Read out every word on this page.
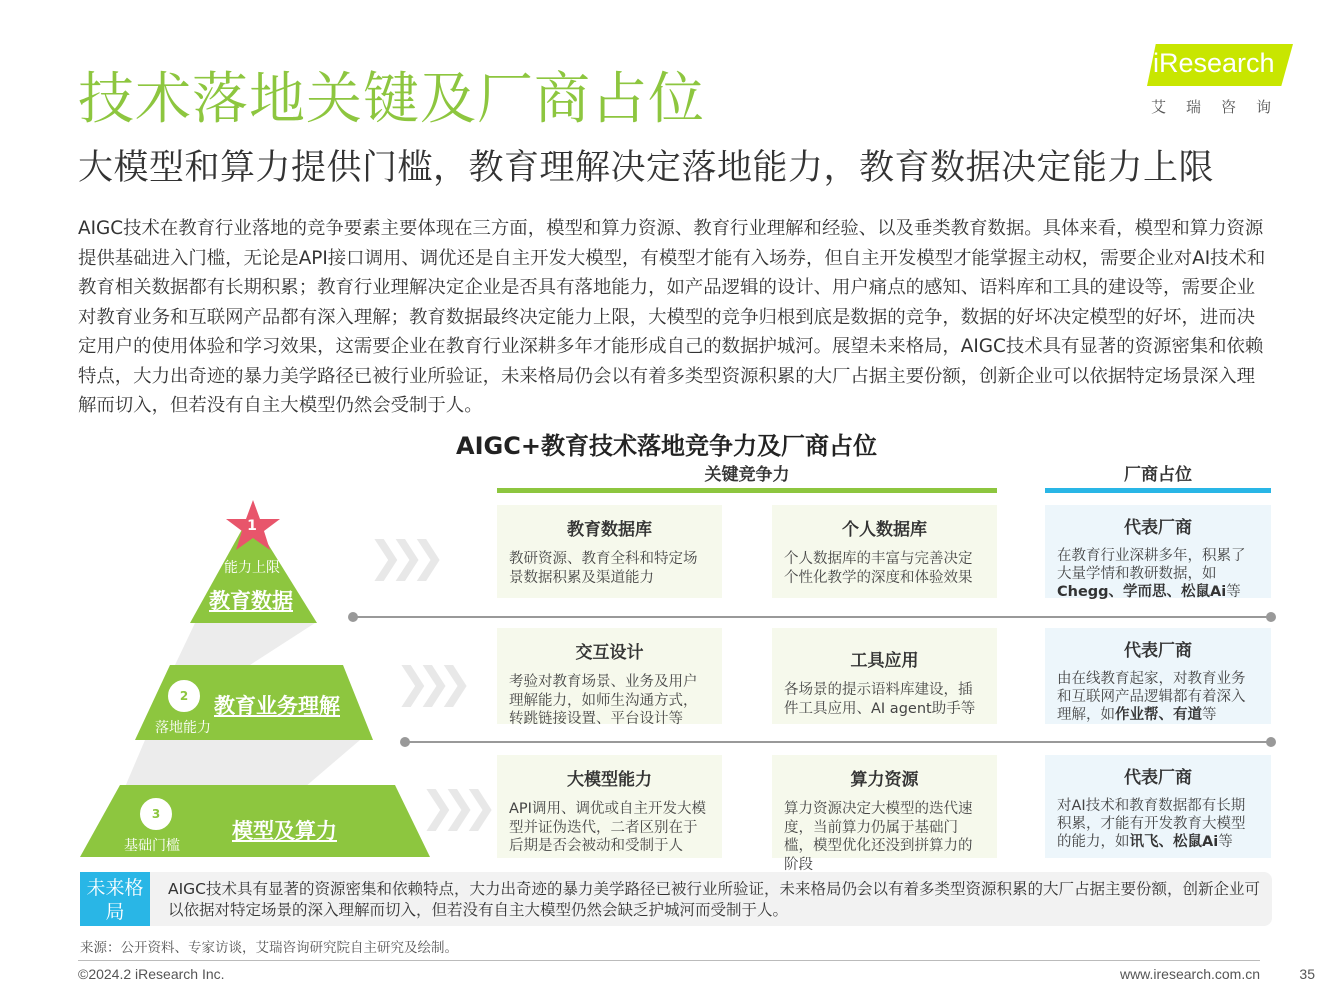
技术落地关键及厂商占位
大模型和算力提供门槛，教育理解决定落地能力，教育数据决定能力上限
iResearch
艾瑞咨询
AIGC技术在教育行业落地的竞争要素主要体现在三方面，模型和算力资源、教育行业理解和经验、以及垂类教育数据。具体来看，模型和算力资源提供基础进入门槛，无论是API接口调用、调优还是自主开发大模型，有模型才能有入场券，但自主开发模型才能掌握主动权，需要企业对AI技术和教育相关数据都有长期积累；教育行业理解决定企业是否具有落地能力，如产品逻辑的设计、用户痛点的感知、语料库和工具的建设等，需要企业对教育业务和互联网产品都有深入理解；教育数据最终决定能力上限，大模型的竞争归根到底是数据的竞争，数据的好坏决定模型的好坏，进而决定用户的使用体验和学习效果，这需要企业在教育行业深耕多年才能形成自己的数据护城河。展望未来格局，AIGC技术具有显著的资源密集和依赖特点，大力出奇迹的暴力美学路径已被行业所验证，未来格局仍会以有着多类型资源积累的大厂占据主要份额，创新企业可以依据特定场景深入理解而切入，但若没有自主大模型仍然会受制于人。
AIGC+教育技术落地竞争力及厂商占位
关键竞争力	厂商占位
1
能力上限
教育数据
2	教育业务理解
落地能力
3
模型及算力
基础门槛
❯❯❯
❯❯❯
❯❯❯
教育数据库
教研资源、教育全科和特定场景数据积累及渠道能力
个人数据库
个人数据库的丰富与完善决定个性化教学的深度和体验效果
代表厂商
在教育行业深耕多年，积累了大量学情和教研数据，如Chegg、学而思、松鼠Ai等
交互设计
考验对教育场景、业务及用户理解能力，如师生沟通方式，转跳链接设置、平台设计等
工具应用
各场景的提示语料库建设，插件工具应用、AI agent助手等
代表厂商
由在线教育起家，对教育业务和互联网产品逻辑都有着深入理解，如作业帮、有道等
大模型能力
API调用、调优或自主开发大模型并证伪迭代，二者区别在于后期是否会被动和受制于人
算力资源
算力资源决定大模型的迭代速度，当前算力仍属于基础门槛，模型优化还没到拼算力的阶段
代表厂商
对AI技术和教育数据都有长期积累，才能有开发教育大模型的能力，如讯飞、松鼠Ai等
未来格局
AIGC技术具有显著的资源密集和依赖特点，大力出奇迹的暴力美学路径已被行业所验证，未来格局仍会以有着多类型资源积累的大厂占据主要份额，创新企业可以依据对特定场景的深入理解而切入，但若没有自主大模型仍然会缺乏护城河而受制于人。
来源：公开资料、专家访谈，艾瑞咨询研究院自主研究及绘制。
©2024.2 iResearch Inc.	www.iresearch.com.cn	35
